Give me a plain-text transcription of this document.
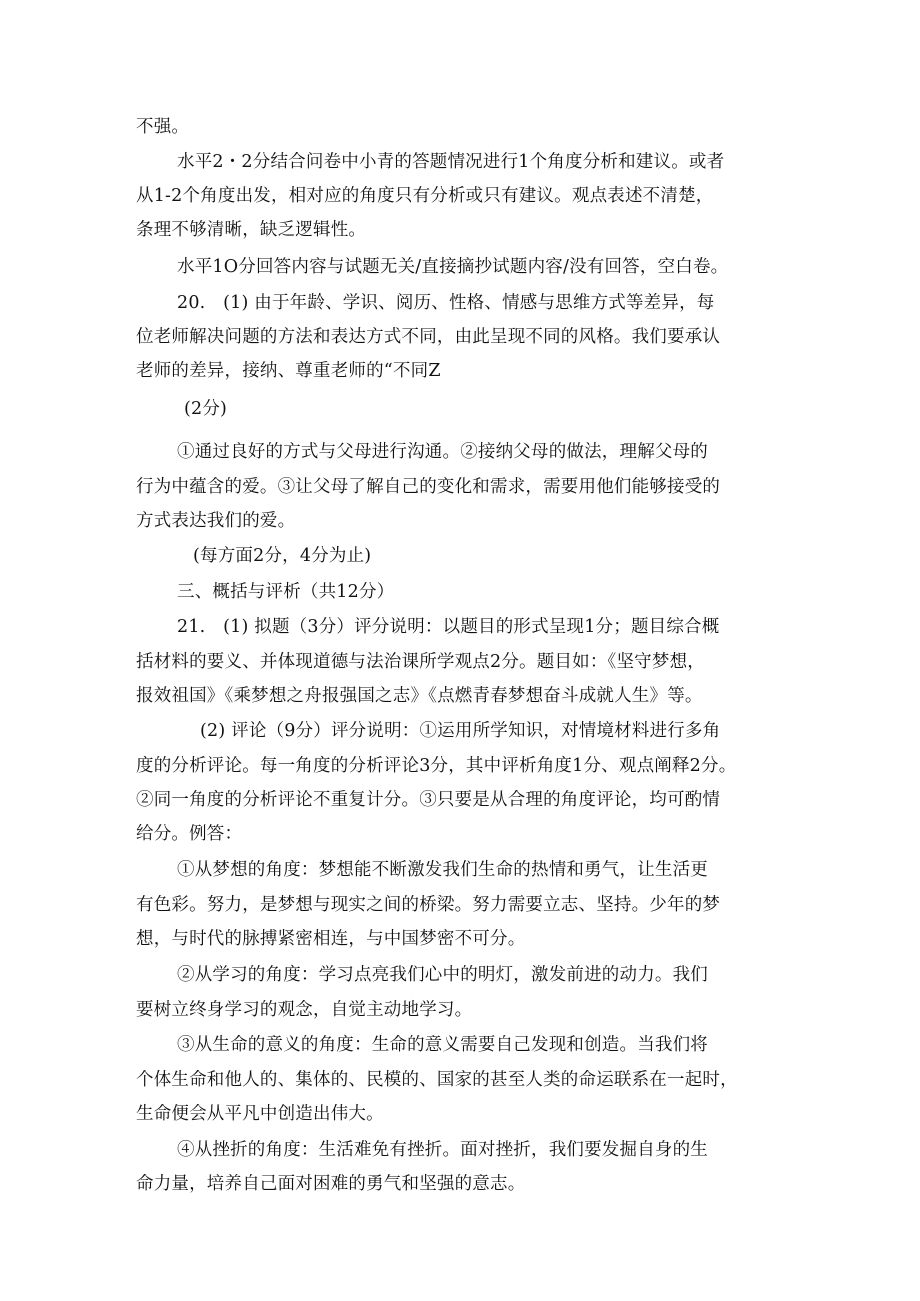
不强。
水平2・2分结合问卷中小青的答题情况进行1个角度分析和建议。或者
从1-2个角度出发，相对应的角度只有分析或只有建议。观点表述不清楚，
条理不够清晰，缺乏逻辑性。
水平1O分回答内容与试题无关/直接摘抄试题内容/没有回答，空白卷。
20.　(1) 由于年龄、学识、阅历、性格、情感与思维方式等差异，每
位老师解决问题的方法和表达方式不同，由此呈现不同的风格。我们要承认
老师的差异，接纳、尊重老师的“不同Z
(2分)
①通过良好的方式与父母进行沟通。②接纳父母的做法，理解父母的
行为中蕴含的爱。③让父母了解自己的变化和需求，需要用他们能够接受的
方式表达我们的爱。
(每方面2分，4分为止)
三、概括与评析（共12分）
21.　(1) 拟题（3分）评分说明：以题目的形式呈现1分；题目综合概
括材料的要义、并体现道德与法治课所学观点2分。题目如：《坚守梦想，
报效祖国》《乘梦想之舟报强国之志》《点燃青春梦想奋斗成就人生》等。
(2) 评论（9分）评分说明：①运用所学知识，对情境材料进行多角
度的分析评论。每一角度的分析评论3分，其中评析角度1分、观点阐释2分。
②同一角度的分析评论不重复计分。③只要是从合理的角度评论，均可酌情
给分。例答：
①从梦想的角度：梦想能不断激发我们生命的热情和勇气，让生活更
有色彩。努力，是梦想与现实之间的桥梁。努力需要立志、坚持。少年的梦
想，与时代的脉搏紧密相连，与中国梦密不可分。
②从学习的角度：学习点亮我们心中的明灯，激发前进的动力。我们
要树立终身学习的观念，自觉主动地学习。
③从生命的意义的角度：生命的意义需要自己发现和创造。当我们将
个体生命和他人的、集体的、民模的、国家的甚至人类的命运联系在一起时，
生命便会从平凡中创造出伟大。
④从挫折的角度：生活难免有挫折。面对挫折，我们要发掘自身的生
命力量，培养自己面对困难的勇气和坚强的意志。
